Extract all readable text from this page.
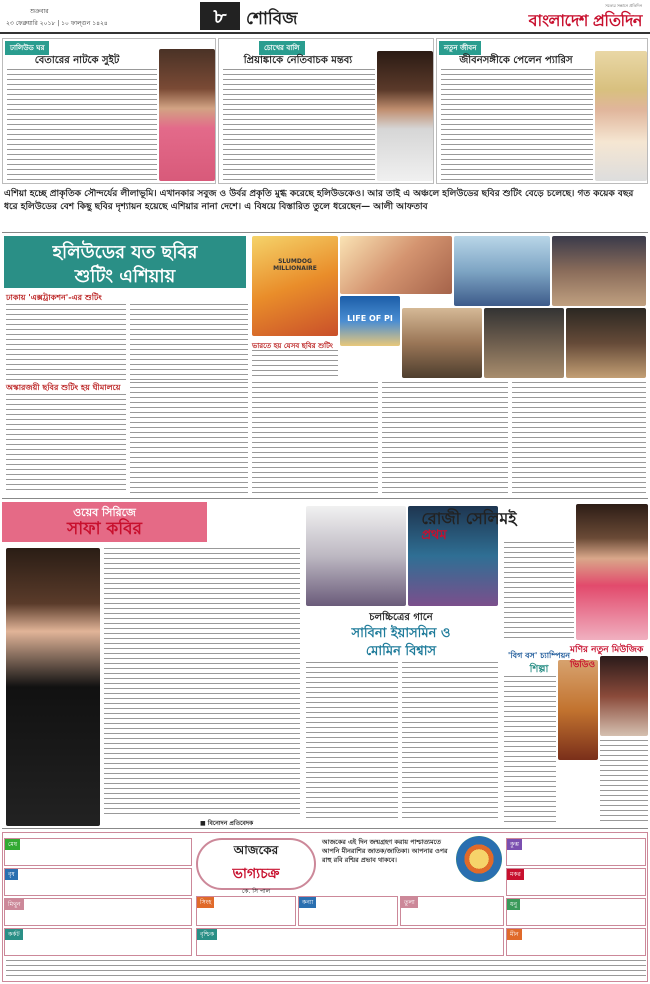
শুক্রবার
২৩ ফেব্রুয়ারি ২০১৮ | ১০ ফাল্গুন ১৪২৪	৮	শোবিজ
সত্যের সন্ধানে প্রতিদিন
বাংলাদেশ প্রতিদিন
ঢালিউড ঘর
বেতারের নাটকে সুইট
চোখের বালি
প্রিয়াঙ্কাকে নেতিবাচক মন্তব্য
নতুন জীবন
জীবনসঙ্গীকে পেলেন প্যারিস
এশিয়া হচ্ছে প্রাকৃতিক সৌন্দর্যের লীলাভূমি। এখানকার সবুজ ও উর্বর প্রকৃতি মুগ্ধ করেছে হলিউডকেও। আর তাই এ অঞ্চলে হলিউডের ছবির শুটিং বেড়ে চলেছে। গত কয়েক বছর ধরে হলিউডের বেশ কিছু ছবির দৃশ্যায়ন হয়েছে এশিয়ার নানা দেশে। এ বিষয়ে বিস্তারিত তুলে ধরেছেন— আলী আফতাব
হলিউডের যত ছবির
শুটিং এশিয়ায়
SLUMDOG MILLIONAIRE
LIFE OF PI
ঢাকায় 'এক্সট্রাকশন'-এর শুটিং
ভারতে হয় যেসব ছবির শুটিং
অস্কারজয়ী ছবির শুটিং হয় ঘীমালয়ে
ওয়েব সিরিজে
সাফা কবির
■ বিনোদন প্রতিবেদক
চলচ্চিত্রের গানে
সাবিনা ইয়াসমিন ও
মোমিন বিশ্বাস
রোজী সেলিমই
প্রথম
'বিগ বস' চ্যাম্পিয়ন
শিল্পা
মণির নতুন মিউজিক ভিডিও
আজকের
ভাগ্যচক্র
কে. সি পাল
আজকের এই দিন জন্মগ্রহণ করায় পাশ্চাত্যমতে আপনি মীনরাশির জাতক/জাতিকা। আপনার ওপর রাহু রবি রশ্মির প্রভাব থাকবে।
মেষ
বৃষ
মিথুন
কর্কট
কুম্ভ
মকর
ধনু
মীন
সিংহ	কন্যা	তুলা
বৃশ্চিক
